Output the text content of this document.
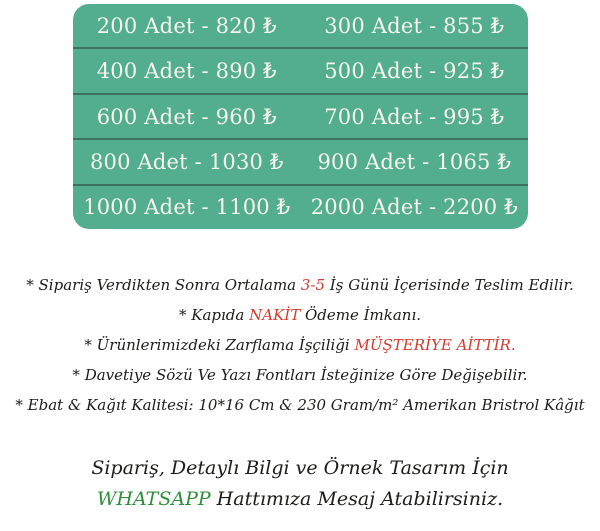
200 Adet - 820 ₺	300 Adet - 855 ₺
400 Adet - 890 ₺	500 Adet - 925 ₺
600 Adet - 960 ₺	700 Adet - 995 ₺
800 Adet - 1030 ₺	900 Adet - 1065 ₺
1000 Adet - 1100 ₺ 2000 Adet - 2200 ₺
* Sipariş Verdikten Sonra Ortalama 3-5 İş Günü İçerisinde Teslim Edilir.
* Kapıda NAKİT Ödeme İmkanı.
* Ürünlerimizdeki Zarflama İşçiliği MÜŞTERİYE AİTTİR.
* Davetiye Sözü Ve Yazı Fontları İsteğinize Göre Değişebilir.
* Ebat & Kağıt Kalitesi: 10*16 Cm & 230 Gram/m² Amerikan Bristrol Kâğıt
Sipariş, Detaylı Bilgi ve Örnek Tasarım İçin
WHATSAPP Hattımıza Mesaj Atabilirsiniz.
